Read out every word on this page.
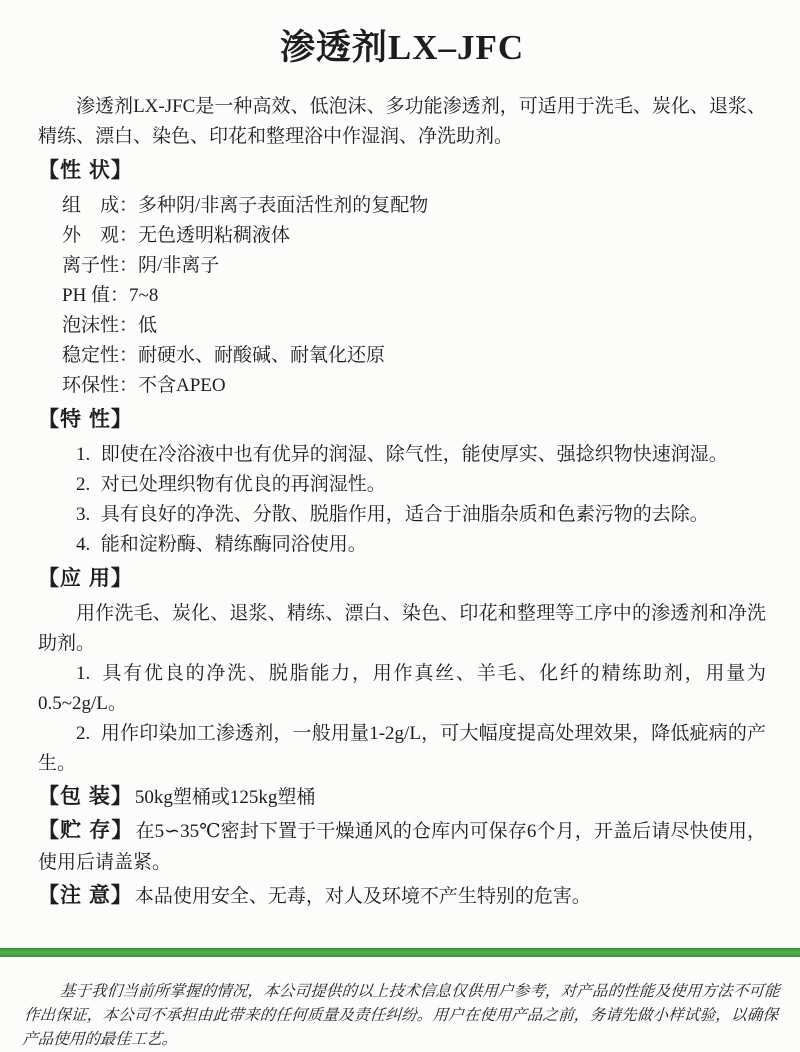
渗透剂LX–JFC

渗透剂LX-JFC是一种高效、低泡沫、多功能渗透剂，可适用于洗毛、炭化、退浆、精练、漂白、染色、印花和整理浴中作湿润、净洗助剂。

【性 状】
组　成：多种阴/非离子表面活性剂的复配物
外　观：无色透明粘稠液体
离子性：阴/非离子
PH 值：7~8
泡沫性：低
稳定性：耐硬水、耐酸碱、耐氧化还原
环保性：不含APEO
【特 性】

1. 即使在冷浴液中也有优异的润湿、除气性，能使厚实、强捻织物快速润湿。

2. 对已处理织物有优良的再润湿性。

3. 具有良好的净洗、分散、脱脂作用，适合于油脂杂质和色素污物的去除。

4. 能和淀粉酶、精练酶同浴使用。

【应 用】

用作洗毛、炭化、退浆、精练、漂白、染色、印花和整理等工序中的渗透剂和净洗助剂。

1. 具有优良的净洗、脱脂能力，用作真丝、羊毛、化纤的精练助剂，用量为0.5~2g/L。

2. 用作印染加工渗透剂，一般用量1-2g/L，可大幅度提高处理效果，降低疵病的产生。

【包 装】 50kg塑桶或125kg塑桶

【贮 存】 在5∽35℃密封下置于干燥通风的仓库内可保存6个月，开盖后请尽快使用，使用后请盖紧。

【注 意】 本品使用安全、无毒，对人及环境不产生特别的危害。

基于我们当前所掌握的情况，本公司提供的以上技术信息仅供用户参考，对产品的性能及使用方法不可能作出保证，本公司不承担由此带来的任何质量及责任纠纷。用户在使用产品之前，务请先做小样试验，以确保产品使用的最佳工艺。
